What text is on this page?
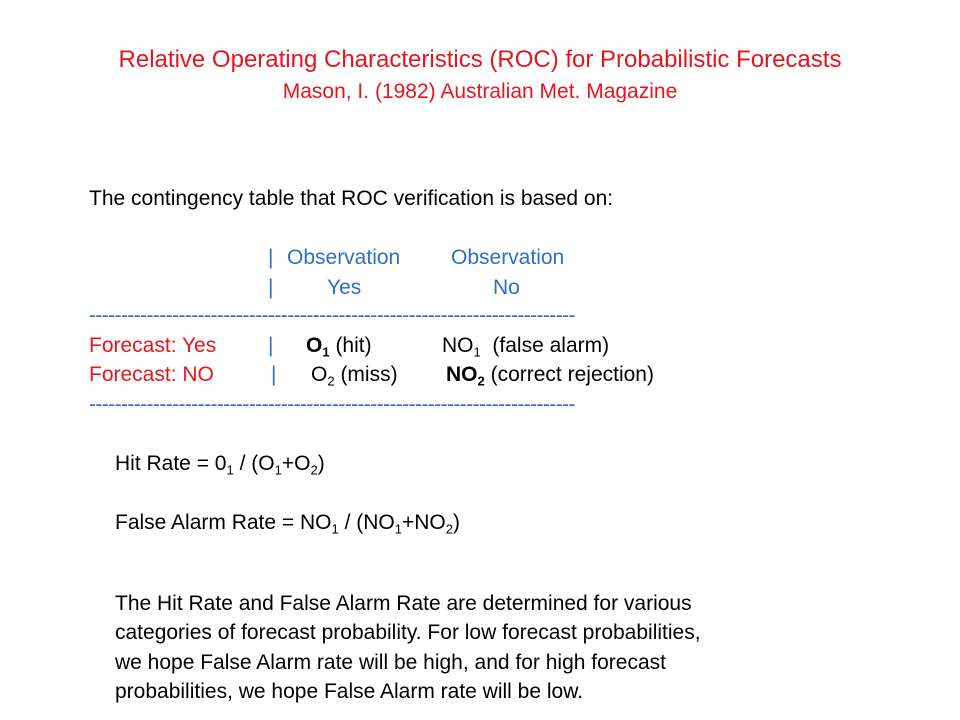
Relative Operating Characteristics (ROC) for Probabilistic Forecasts
Mason, I. (1982) Australian Met. Magazine
The contingency table that ROC verification is based on:
| Observation Observation
|	Yes	No
----------------------------------------------------------------------------
Forecast: Yes | $O_1$ (hit)	$NO_1$ (false alarm)
Forecast: NO	| $O_2$ (miss) $NO_2$ (correct rejection)
----------------------------------------------------------------------------
Hit Rate = $0_1 / (O_1+O_2)$
False Alarm Rate = $NO_1 / (NO_1+NO_2)$
The Hit Rate and False Alarm Rate are determined for various
categories of forecast probability. For low forecast probabilities,
we hope False Alarm rate will be high, and for high forecast
probabilities, we hope False Alarm rate will be low.
